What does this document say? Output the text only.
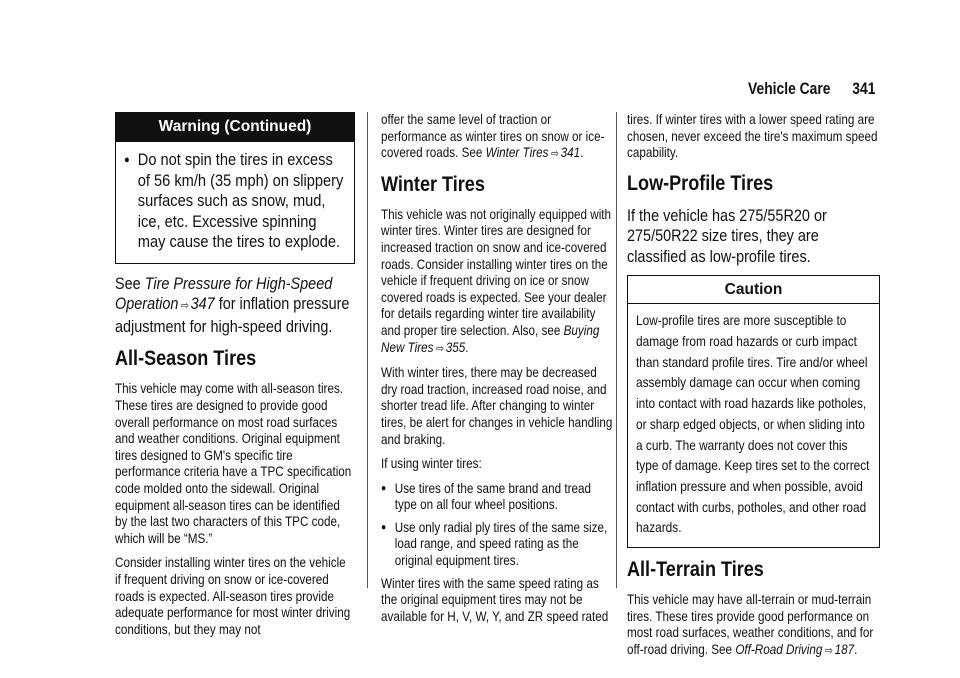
Vehicle Care 341
Warning (Continued)
● Do not spin the tires in excess of 56 km/h (35 mph) on slippery surfaces such as snow, mud, ice, etc. Excessive spinning may cause the tires to explode.

See Tire Pressure for High-Speed Operation ⇨ 347 for inflation pressure adjustment for high-speed driving.

All-Season Tires

This vehicle may come with all-season tires. These tires are designed to provide good overall performance on most road surfaces and weather conditions. Original equipment tires designed to GM's specific tire performance criteria have a TPC specification code molded onto the sidewall. Original equipment all-season tires can be identified by the last two characters of this TPC code, which will be “MS.”

Consider installing winter tires on the vehicle if frequent driving on snow or ice-covered roads is expected. All-season tires provide adequate performance for most winter driving conditions, but they may not

offer the same level of traction or performance as winter tires on snow or ice-covered roads. See Winter Tires ⇨ 341.

Winter Tires

This vehicle was not originally equipped with winter tires. Winter tires are designed for increased traction on snow and ice-covered roads. Consider installing winter tires on the vehicle if frequent driving on ice or snow covered roads is expected. See your dealer for details regarding winter tire availability and proper tire selection. Also, see Buying New Tires ⇨ 355.

With winter tires, there may be decreased dry road traction, increased road noise, and shorter tread life. After changing to winter tires, be alert for changes in vehicle handling and braking.

If using winter tires:

● Use tires of the same brand and tread type on all four wheel positions.
● Use only radial ply tires of the same size, load range, and speed rating as the original equipment tires.

Winter tires with the same speed rating as the original equipment tires may not be available for H, V, W, Y, and ZR speed rated

tires. If winter tires with a lower speed rating are chosen, never exceed the tire's maximum speed capability.

Low-Profile Tires

If the vehicle has 275/55R20 or 275/50R22 size tires, they are classified as low-profile tires.

Caution
Low-profile tires are more susceptible to damage from road hazards or curb impact than standard profile tires. Tire and/or wheel assembly damage can occur when coming into contact with road hazards like potholes, or sharp edged objects, or when sliding into a curb. The warranty does not cover this type of damage. Keep tires set to the correct inflation pressure and when possible, avoid contact with curbs, potholes, and other road hazards.
All-Terrain Tires

This vehicle may have all-terrain or mud-terrain tires. These tires provide good performance on most road surfaces, weather conditions, and for off-road driving. See Off-Road Driving ⇨ 187.
